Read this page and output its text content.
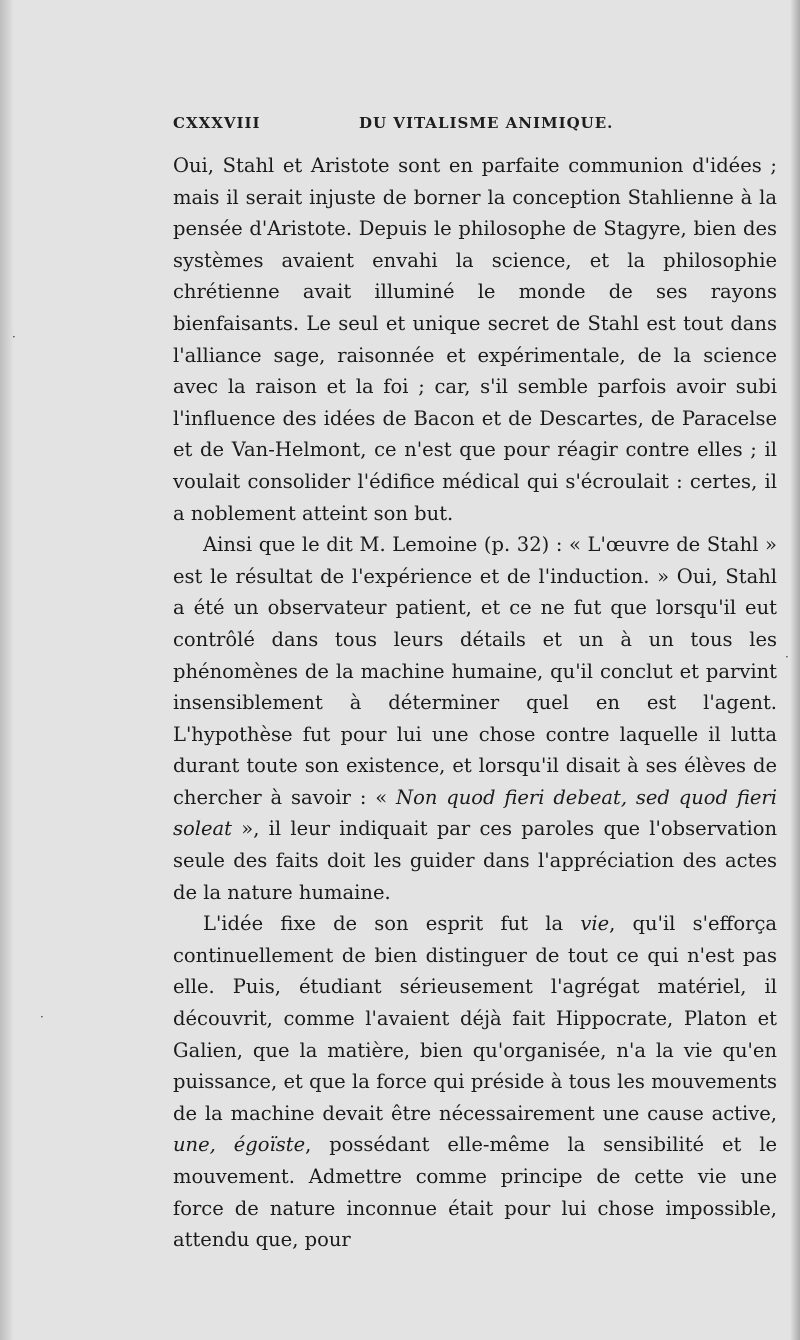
CXXXVIII	DU VITALISME ANIMIQUE.

Oui, Stahl et Aristote sont en parfaite communion d'idées ; mais il serait injuste de borner la conception Stahlienne à la pensée d'Aristote. Depuis le philosophe de Stagyre, bien des systèmes avaient envahi la science, et la philosophie chrétienne avait illuminé le monde de ses rayons bienfaisants. Le seul et unique secret de Stahl est tout dans l'alliance sage, raisonnée et expérimentale, de la science avec la raison et la foi ; car, s'il semble parfois avoir subi l'influence des idées de Bacon et de Descartes, de Paracelse et de Van-Helmont, ce n'est que pour réagir contre elles ; il voulait consolider l'édifice médical qui s'écroulait : certes, il a noblement atteint son but.

Ainsi que le dit M. Lemoine (p. 32) : « L'œuvre de Stahl » est le résultat de l'expérience et de l'induction. » Oui, Stahl a été un observateur patient, et ce ne fut que lorsqu'il eut contrôlé dans tous leurs détails et un à un tous les phénomènes de la machine humaine, qu'il conclut et parvint insensiblement à déterminer quel en est l'agent. L'hypothèse fut pour lui une chose contre laquelle il lutta durant toute son existence, et lorsqu'il disait à ses élèves de chercher à savoir : « Non quod fieri debeat, sed quod fieri soleat », il leur indiquait par ces paroles que l'observation seule des faits doit les guider dans l'appréciation des actes de la nature humaine.

L'idée fixe de son esprit fut la vie, qu'il s'efforça continuellement de bien distinguer de tout ce qui n'est pas elle. Puis, étudiant sérieusement l'agrégat matériel, il découvrit, comme l'avaient déjà fait Hippocrate, Platon et Galien, que la matière, bien qu'organisée, n'a la vie qu'en puissance, et que la force qui préside à tous les mouvements de la machine devait être nécessairement une cause active, une, égoïste, possédant elle-même la sensibilité et le mouvement. Admettre comme principe de cette vie une force de nature inconnue était pour lui chose impossible, attendu que, pour

·
·
·
